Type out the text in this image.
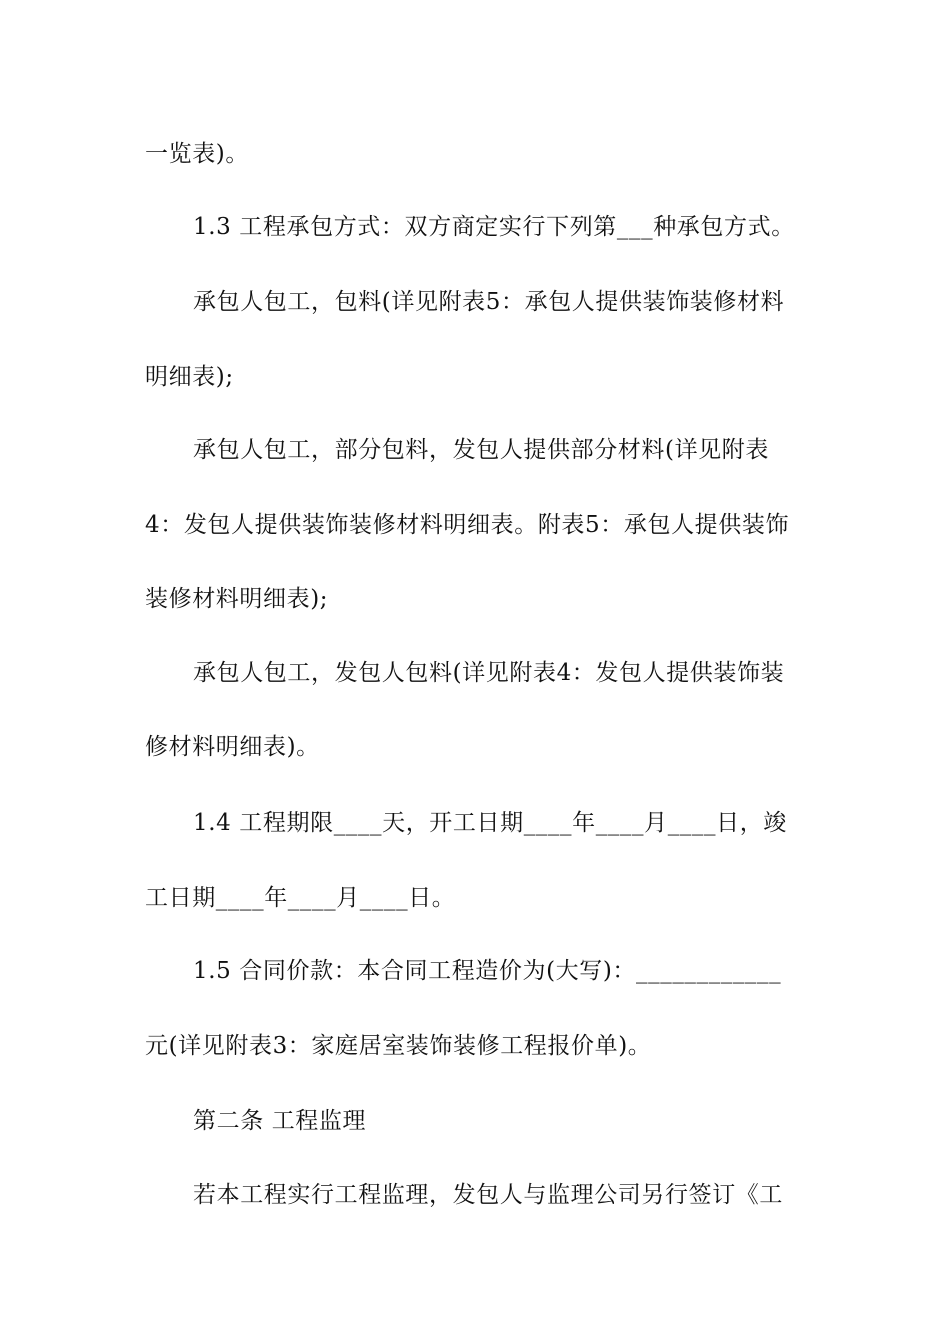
一览表)。
1.3 工程承包方式：双方商定实行下列第___种承包方式。
承包人包工，包料(详见附表5：承包人提供装饰装修材料
明细表);
承包人包工，部分包料，发包人提供部分材料(详见附表
4：发包人提供装饰装修材料明细表。附表5：承包人提供装饰
装修材料明细表);
承包人包工，发包人包料(详见附表4：发包人提供装饰装
修材料明细表)。
1.4 工程期限____天，开工日期____年____月____日，竣
工日期____年____月____日。
1.5 合同价款：本合同工程造价为(大写)：____________
元(详见附表3：家庭居室装饰装修工程报价单)。
第二条 工程监理
若本工程实行工程监理，发包人与监理公司另行签订《工
